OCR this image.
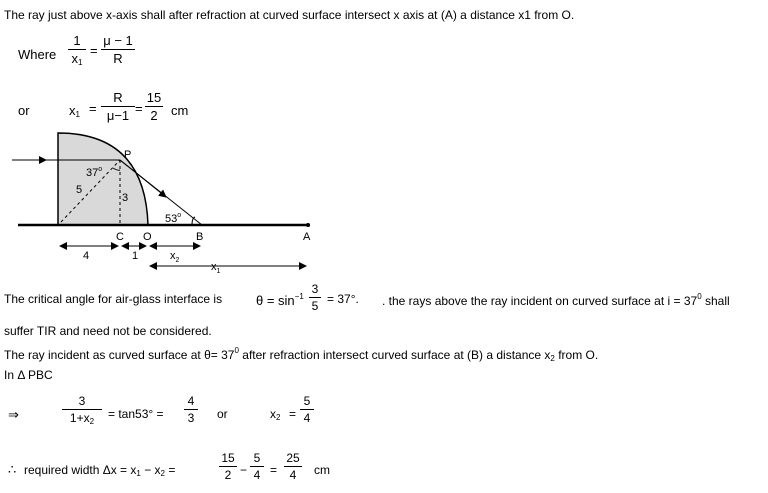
The ray just above x-axis shall after refraction at curved surface intersect x axis at (A) a distance x1 from O.
Where
1
$x_1$
=
μ − 1
R
or	$x_1$ =
R
μ−1 =
15
2	cm
P
37$^o$
5
3
53$^o$
C O	B	A
4	1	$x_2$
$x_1$
The critical angle for air-glass interface is	$\theta = \sin^{-1}$
3
5 = 37°. . the rays above the ray incident on curved surface at $i = 37^0$ shall
suffer TIR and need not be considered.
The ray incident as curved surface at $\theta= 37^0$ after refraction intersect curved surface at (B) a distance $x_2$ from O.
In Δ PBC
⇒
3
$1+x_2$
= tan53° =
4
3	or	$x_2$ =
5
4
∴ required width $\Delta x = x_1 - x_2$ =
15
2 −
5
4 =
25
4	cm
